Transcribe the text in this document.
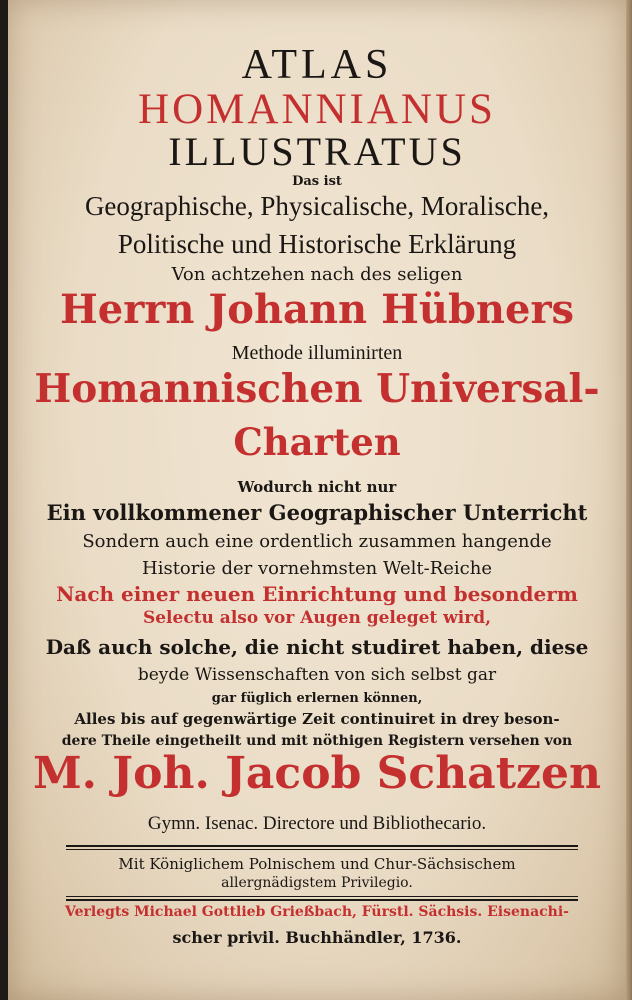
ATLAS
HOMANNIANUS
ILLUSTRATUS
Das ist
Geographische, Physicalische, Moralische,
Politische und Historische Erklärung
Von achtzehen nach des seligen
Herrn Johann Hübners
Methode illuminirten
Homannischen Universal-
Charten
Wodurch nicht nur
Ein vollkommener Geographischer Unterricht
Sondern auch eine ordentlich zusammen hangende
Historie der vornehmsten Welt-Reiche
Nach einer neuen Einrichtung und besonderm
Selectu also vor Augen geleget wird,
Daß auch solche, die nicht studiret haben, diese
beyde Wissenschaften von sich selbst gar
gar füglich erlernen können,
Alles bis auf gegenwärtige Zeit continuiret in drey beson-
dere Theile eingetheilt und mit nöthigen Registern versehen von
M. Joh. Jacob Schatzen
Gymn. Isenac. Directore und Bibliothecario.
Mit Königlichem Polnischem und Chur-Sächsischem
allergnädigstem Privilegio.
Verlegts Michael Gottlieb Grießbach, Fürstl. Sächsis. Eisenachi-
scher privil. Buchhändler, 1736.
